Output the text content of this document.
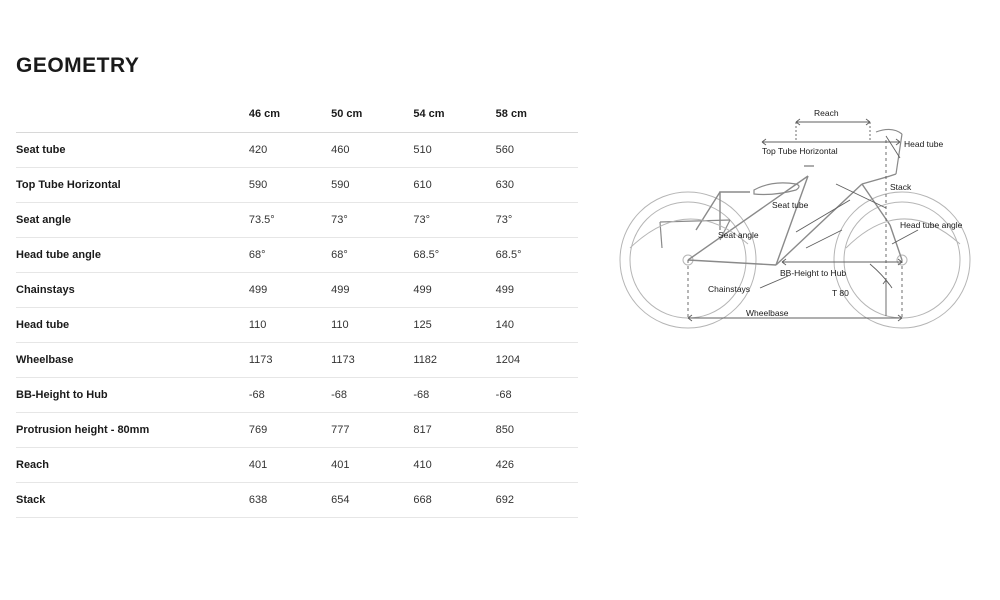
GEOMETRY
	46 cm	50 cm	54 cm	58 cm
Seat tube	420	460	510	560
Top Tube Horizontal	590	590	610	630
Seat angle	73.5°	73°	73°	73°
Head tube angle	68°	68°	68.5°	68.5°
Chainstays	499	499	499	499
Head tube	110	110	125	140
Wheelbase	1173	1173	1182	1204
BB-Height to Hub	-68	-68	-68	-68
Protrusion height - 80mm	769	777	817	850
Reach	401	401	410	426
Stack	638	654	668	692
Reach
Top Tube Horizontal
Head tube
Seat tube
Stack
Seat angle
Head tube angle
BB-Height to Hub
T 80
Chainstays
Wheelbase
